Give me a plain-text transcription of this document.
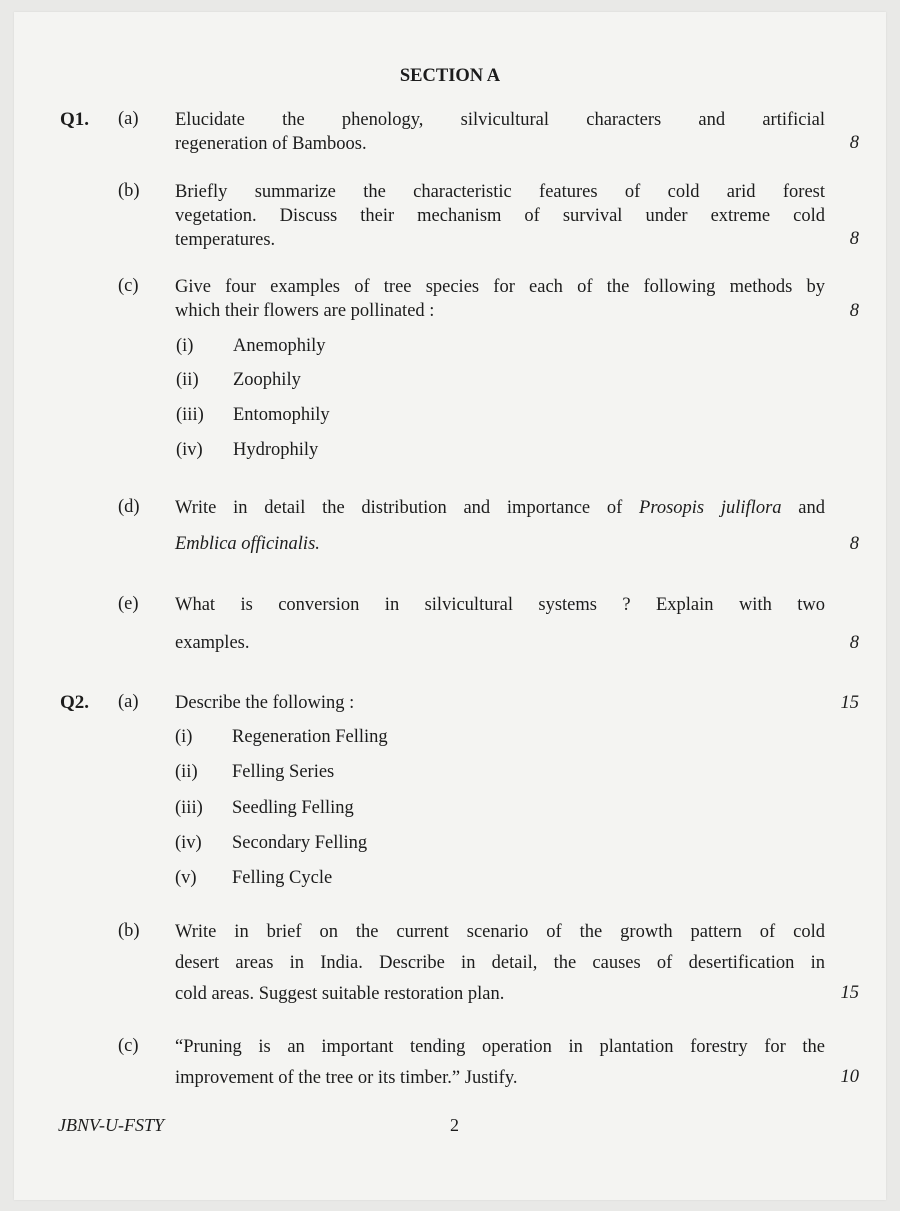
SECTION A
Q1. (a) Elucidate the phenology, silvicultural characters and artificial
regeneration of Bamboos.	8
(b) Briefly summarize the characteristic features of cold arid forest
vegetation. Discuss their mechanism of survival under extreme cold
temperatures.	8
(c) Give four examples of tree species for each of the following methods by
which their flowers are pollinated :	8
(i) Anemophily
(ii) Zoophily
(iii) Entomophily
(iv) Hydrophily
(d) Write in detail the distribution and importance of Prosopis juliflora and
Emblica officinalis.	8
(e) What is conversion in silvicultural systems ? Explain with two
examples.	8
Q2. (a) Describe the following :	15
(i) Regeneration Felling
(ii) Felling Series
(iii) Seedling Felling
(iv) Secondary Felling
(v) Felling Cycle
(b) Write in brief on the current scenario of the growth pattern of cold
desert areas in India. Describe in detail, the causes of desertification in
cold areas. Suggest suitable restoration plan.	15
(c) “Pruning is an important tending operation in plantation forestry for the
improvement of the tree or its timber.” Justify.	10
JBNV-U-FSTY	2
